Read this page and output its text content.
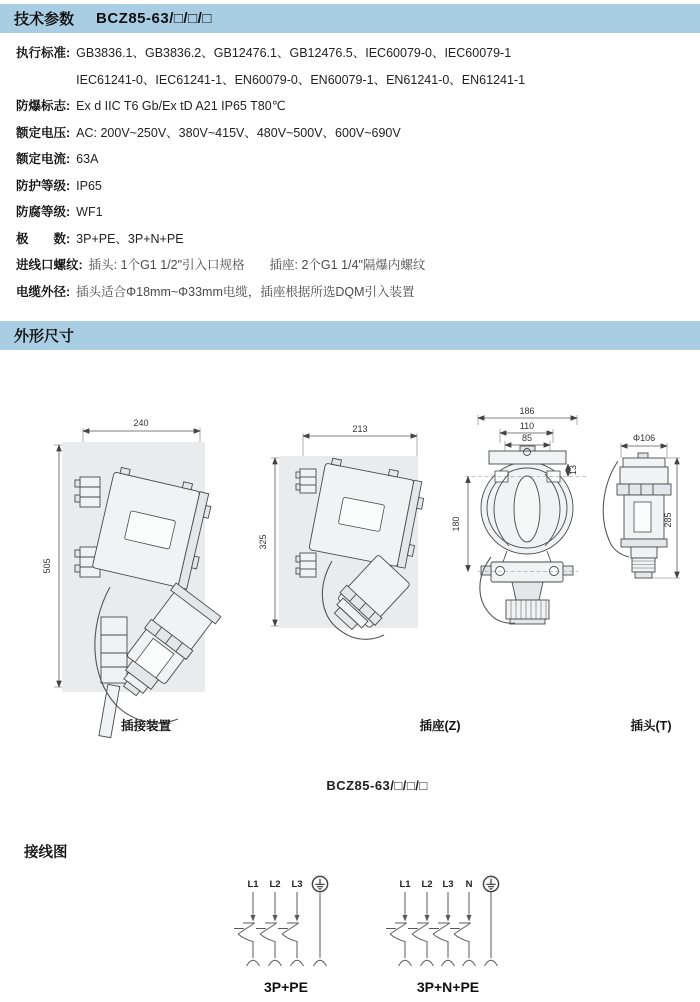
技术参数 BCZ85-63/□/□/□
执行标准: GB3836.1、GB3836.2、GB12476.1、GB12476.5、IEC60079-0、IEC60079-1
IEC61241-0、IEC61241-1、EN60079-0、EN60079-1、EN61241-0、EN61241-1
防爆标志: Ex d IIC T6 Gb/Ex tD A21 IP65 T80℃
额定电压: AC: 200V~250V、380V~415V、480V~500V、600V~690V
额定电流: 63A
防护等级: IP65
防腐等级: WF1
极　　数: 3P+PE、3P+N+PE
进线口螺纹: 插头: 1个G1 1/2"引入口规格　　插座: 2个G1 1/4"隔爆内螺纹
电缆外径: 插头适合Φ18mm~Φ33mm电缆，插座根据所选DQM引入装置
外形尺寸
240
505
213
325
186
110
85
13
180
Φ106
285
插接装置	插座(Z)	插头(T)
BCZ85-63/□/□/□
接线图
L1 L2 L3
3P+PE
L1 L2 L3 N
3P+N+PE
